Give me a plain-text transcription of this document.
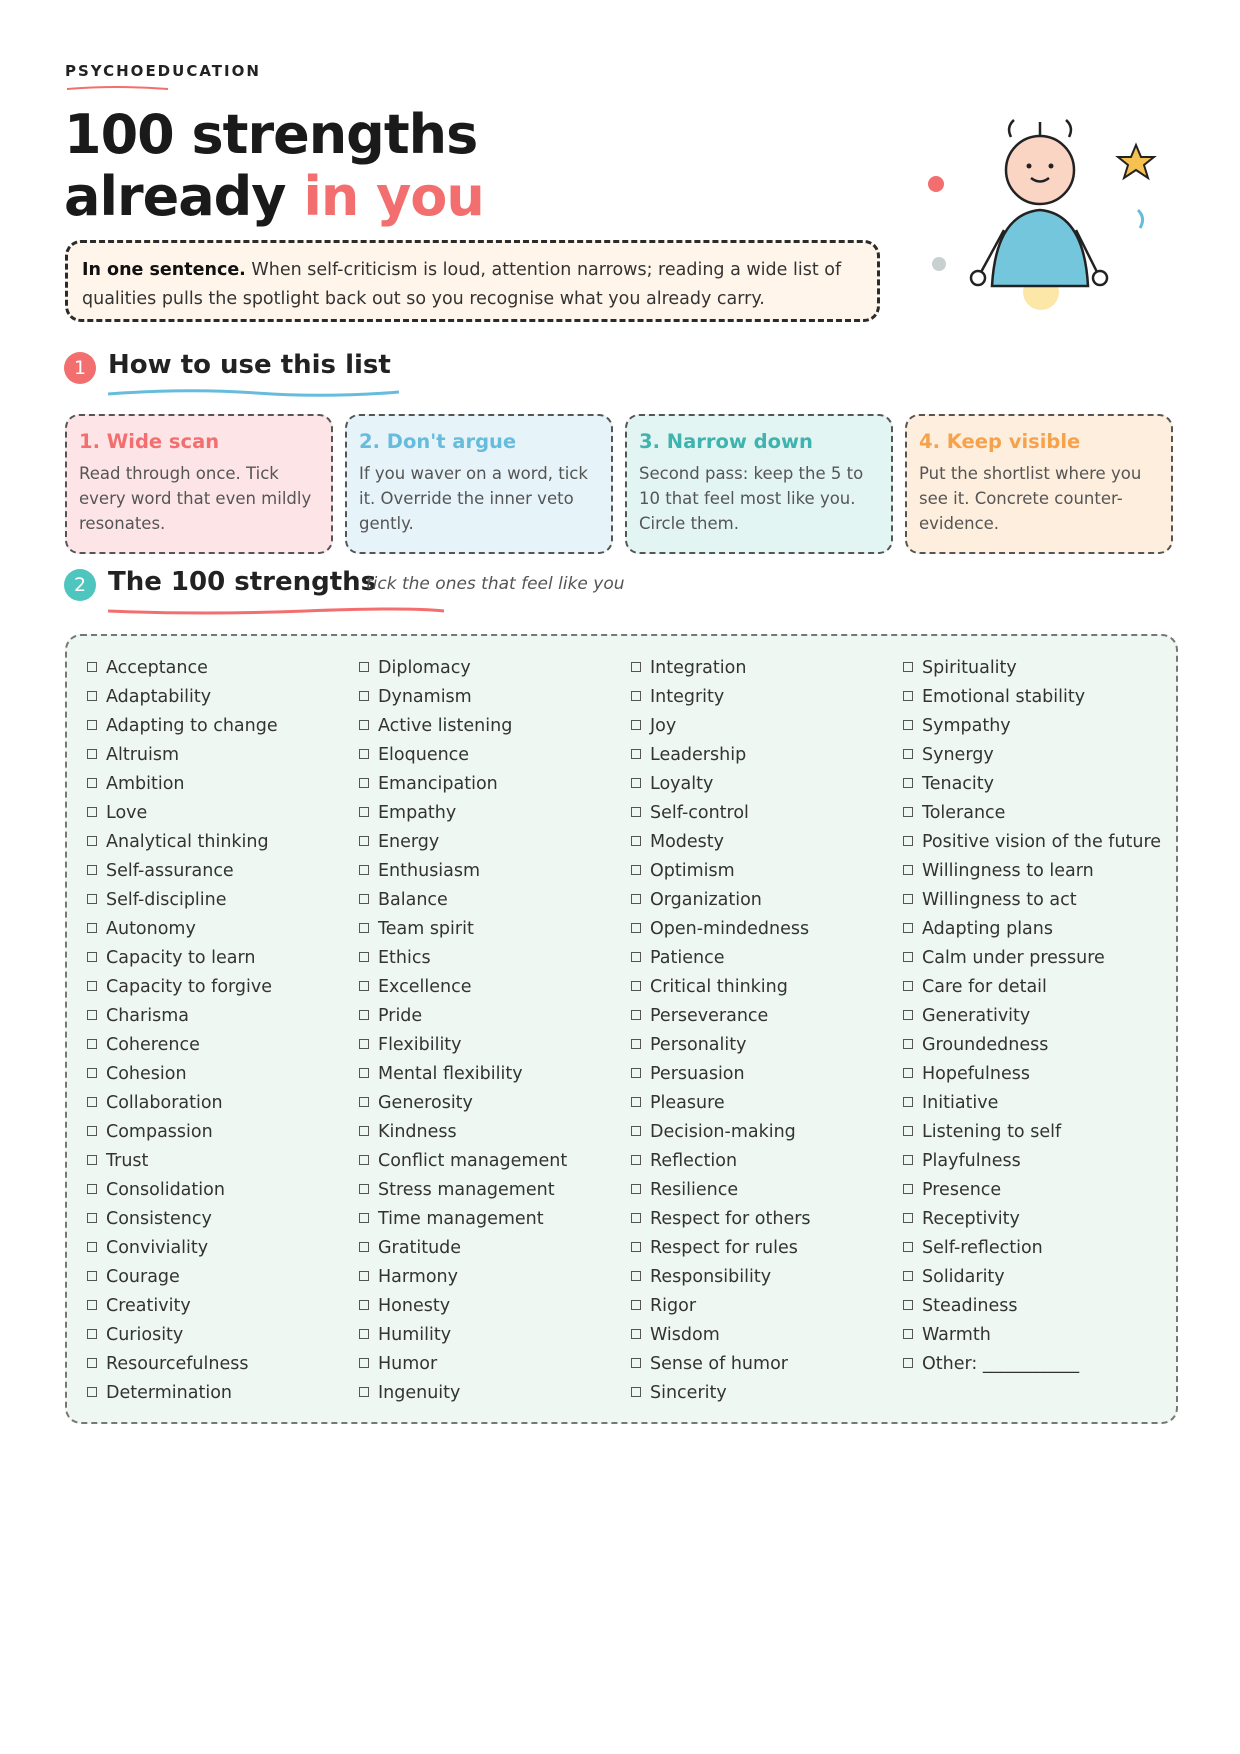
PSYCHOEDUCATION
100 strengths
already in you
In one sentence. When self-criticism is loud, attention narrows; reading a wide list of qualities pulls the spotlight back out so you recognise what you already carry.
1 How to use this list
1. Wide scan

Read through once. Tick every word that even mildly resonates.

2. Don't argue

If you waver on a word, tick it. Override the inner veto gently.

3. Narrow down

Second pass: keep the 5 to 10 that feel most like you. Circle them.

4. Keep visible

Put the shortlist where you see it. Concrete counter-evidence.

2 The 100 strengths
tick the ones that feel like you
Acceptance
Adaptability
Adapting to change
Altruism
Ambition
Love
Analytical thinking
Self-assurance
Self-discipline
Autonomy
Capacity to learn
Capacity to forgive
Charisma
Coherence
Cohesion
Collaboration
Compassion
Trust
Consolidation
Consistency
Conviviality
Courage
Creativity
Curiosity
Resourcefulness
Determination
Diplomacy
Dynamism
Active listening
Eloquence
Emancipation
Empathy
Energy
Enthusiasm
Balance
Team spirit
Ethics
Excellence
Pride
Flexibility
Mental flexibility
Generosity
Kindness
Conflict management
Stress management
Time management
Gratitude
Harmony
Honesty
Humility
Humor
Ingenuity
Integration
Integrity
Joy
Leadership
Loyalty
Self-control
Modesty
Optimism
Organization
Open-mindedness
Patience
Critical thinking
Perseverance
Personality
Persuasion
Pleasure
Decision-making
Reflection
Resilience
Respect for others
Respect for rules
Responsibility
Rigor
Wisdom
Sense of humor
Sincerity
Spirituality
Emotional stability
Sympathy
Synergy
Tenacity
Tolerance
Positive vision of the future
Willingness to learn
Willingness to act
Adapting plans
Calm under pressure
Care for detail
Generativity
Groundedness
Hopefulness
Initiative
Listening to self
Playfulness
Presence
Receptivity
Self-reflection
Solidarity
Steadiness
Warmth
Other: ___________
